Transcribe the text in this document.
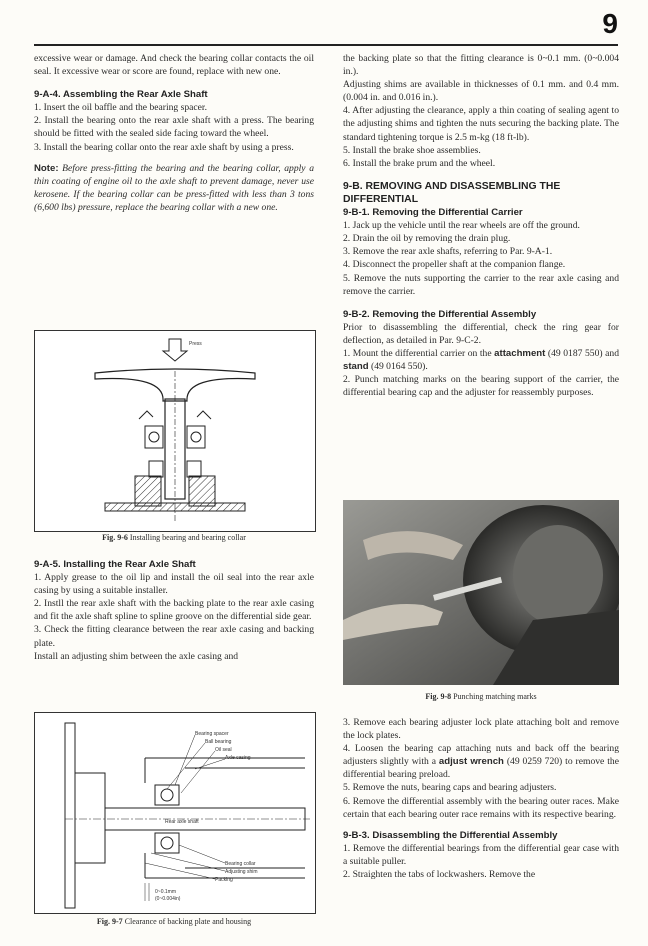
9

excessive wear or damage. And check the bearing collar contacts the oil seal. It excessive wear or score are found, replace with new one.

9-A-4. Assembling the Rear Axle Shaft

1. Insert the oil baffle and the bearing spacer.

2. Install the bearing onto the rear axle shaft with a press. The bearing should be fitted with the sealed side facing toward the wheel.

3. Install the bearing collar onto the rear axle shaft by using a press.

Note: Before press-fitting the bearing and the bearing collar, apply a thin coating of engine oil to the axle shaft to prevent damage, never use kerosene. If the bearing collar can be press-fitted with less than 3 tons (6,600 lbs) pressure, replace the bearing collar with a new one.

Press
Fig. 9-6 Installing bearing and bearing collar

9-A-5. Installing the Rear Axle Shaft

1. Apply grease to the oil lip and install the oil seal into the rear axle casing by using a suitable installer.

2. Instll the rear axle shaft with the backing plate to the rear axle casing and fit the axle shaft spline to spline groove on the differential side gear.

3. Check the fitting clearance between the rear axle casing and backing plate.

Install an adjusting shim between the axle casing and

Bearing spacer
Ball bearing
Oil seal
Axle casing
Rear axle shaft
Bearing collar
Adjusting shim
Packing
0~0.1mm
(0~0.004in)
Fig. 9-7 Clearance of backing plate and housing

the backing plate so that the fitting clearance is 0~0.1 mm. (0~0.004 in.).

Adjusting shims are available in thicknesses of 0.1 mm. and 0.4 mm. (0.004 in. and 0.016 in.).

4. After adjusting the clearance, apply a thin coating of sealing agent to the adjusting shims and tighten the nuts securing the backing plate. The standard tightening torque is 2.5 m-kg (18 ft-lb).

5. Install the brake shoe assemblies.

6. Install the brake prum and the wheel.

9-B. REMOVING AND DISASSEMBLING THE DIFFERENTIAL

9-B-1. Removing the Differential Carrier

1. Jack up the vehicle until the rear wheels are off the ground.

2. Drain the oil by removing the drain plug.

3. Remove the rear axle shafts, referring to Par. 9-A-1.

4. Disconnect the propeller shaft at the companion flange.

5. Remove the nuts supporting the carrier to the rear axle casing and remove the carrier.

9-B-2. Removing the Differential Assembly

Prior to disassembling the differential, check the ring gear for deflection, as detailed in Par. 9-C-2.

1. Mount the differential carrier on the attachment (49 0187 550) and stand (49 0164 550).

2. Punch matching marks on the bearing support of the carrier, the differential bearing cap and the adjuster for reassembly purposes.

Fig. 9-8 Punching matching marks

3. Remove each bearing adjuster lock plate attaching bolt and remove the lock plates.

4. Loosen the bearing cap attaching nuts and back off the bearing adjusters slightly with a adjust wrench (49 0259 720) to remove the differential bearing preload.

5. Remove the nuts, bearing caps and bearing adjusters.

6. Remove the differential assembly with the bearing outer races. Make certain that each bearing outer race remains with its respective bearing.

9-B-3. Disassembling the Differential Assembly

1. Remove the differential bearings from the differential gear case with a suitable puller.

2. Straighten the tabs of lockwashers. Remove the
